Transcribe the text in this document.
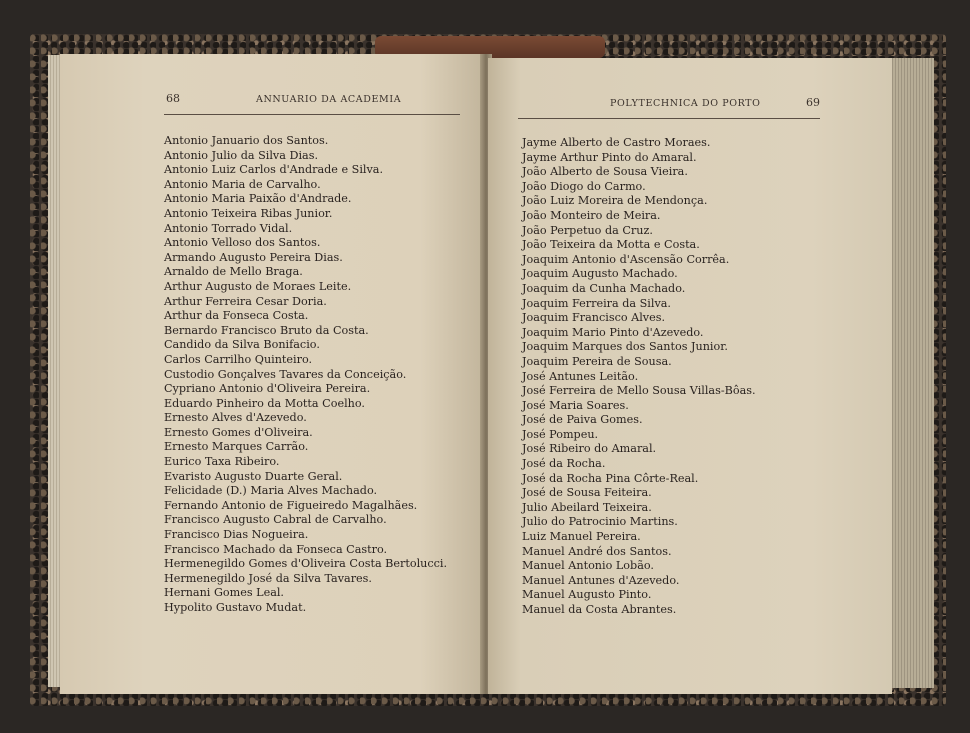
68	ANNUARIO DA ACADEMIA
Antonio Januario dos Santos.
Antonio Julio da Silva Dias.
Antonio Luiz Carlos d'Andrade e Silva.
Antonio Maria de Carvalho.
Antonio Maria Paixão d'Andrade.
Antonio Teixeira Ribas Junior.
Antonio Torrado Vidal.
Antonio Velloso dos Santos.
Armando Augusto Pereira Dias.
Arnaldo de Mello Braga.
Arthur Augusto de Moraes Leite.
Arthur Ferreira Cesar Doria.
Arthur da Fonseca Costa.
Bernardo Francisco Bruto da Costa.
Candido da Silva Bonifacio.
Carlos Carrilho Quinteiro.
Custodio Gonçalves Tavares da Conceição.
Cypriano Antonio d'Oliveira Pereira.
Eduardo Pinheiro da Motta Coelho.
Ernesto Alves d'Azevedo.
Ernesto Gomes d'Oliveira.
Ernesto Marques Carrão.
Eurico Taxa Ribeiro.
Evaristo Augusto Duarte Geral.
Felicidade (D.) Maria Alves Machado.
Fernando Antonio de Figueiredo Magalhães.
Francisco Augusto Cabral de Carvalho.
Francisco Dias Nogueira.
Francisco Machado da Fonseca Castro.
Hermenegildo Gomes d'Oliveira Costa Bertolucci.
Hermenegildo José da Silva Tavares.
Hernani Gomes Leal.
Hypolito Gustavo Mudat.
POLYTECHNICA DO PORTO	69
Jayme Alberto de Castro Moraes.
Jayme Arthur Pinto do Amaral.
João Alberto de Sousa Vieira.
João Diogo do Carmo.
João Luiz Moreira de Mendonça.
João Monteiro de Meira.
João Perpetuo da Cruz.
João Teixeira da Motta e Costa.
Joaquim Antonio d'Ascensão Corrêa.
Joaquim Augusto Machado.
Joaquim da Cunha Machado.
Joaquim Ferreira da Silva.
Joaquim Francisco Alves.
Joaquim Mario Pinto d'Azevedo.
Joaquim Marques dos Santos Junior.
Joaquim Pereira de Sousa.
José Antunes Leitão.
José Ferreira de Mello Sousa Villas-Bôas.
José Maria Soares.
José de Paiva Gomes.
José Pompeu.
José Ribeiro do Amaral.
José da Rocha.
José da Rocha Pina Côrte-Real.
José de Sousa Feiteira.
Julio Abeilard Teixeira.
Julio do Patrocinio Martins.
Luiz Manuel Pereira.
Manuel André dos Santos.
Manuel Antonio Lobão.
Manuel Antunes d'Azevedo.
Manuel Augusto Pinto.
Manuel da Costa Abrantes.
